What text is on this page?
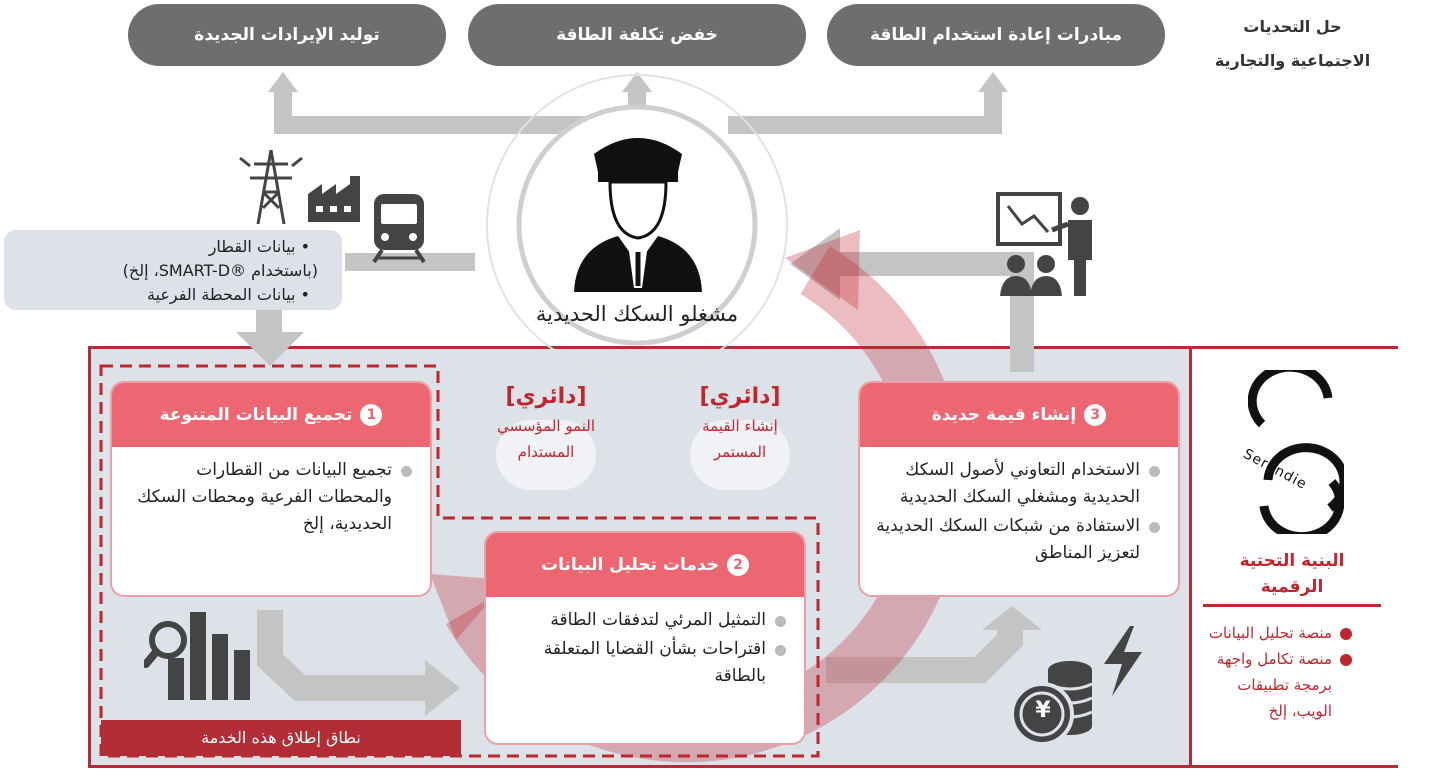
مبادرات إعادة استخدام الطاقة
خفض تكلفة الطاقة
توليد الإيرادات الجديدة	حل التحديات
الاجتماعية والتجارية
• بيانات القطار
(باستخدام ®SMART-D، إلخ)
• بيانات المحطة الفرعية
مشغلو السكك الحديدية
[دائري]
النمو المؤسسي
المستدام
[دائري]
إنشاء القيمة
المستمر
1
تجميع البيانات المتنوعة
تجميع البيانات من القطارات والمحطات الفرعية ومحطات السكك الحديدية، إلخ
2
خدمات تحليل البيانات
التمثيل المرئي لتدفقات الطاقة
اقتراحات بشأن القضايا المتعلقة بالطاقة
3
إنشاء قيمة جديدة
الاستخدام التعاوني لأصول السكك الحديدية ومشغلي السكك الحديدية
الاستفادة من شبكات السكك الحديدية لتعزيز المناطق
¥
نطاق إطلاق هذه الخدمة
Serendie
البنية التحتية
الرقمية
منصة تحليل البيانات
منصة تكامل واجهة برمجة تطبيقات الويب، إلخ
